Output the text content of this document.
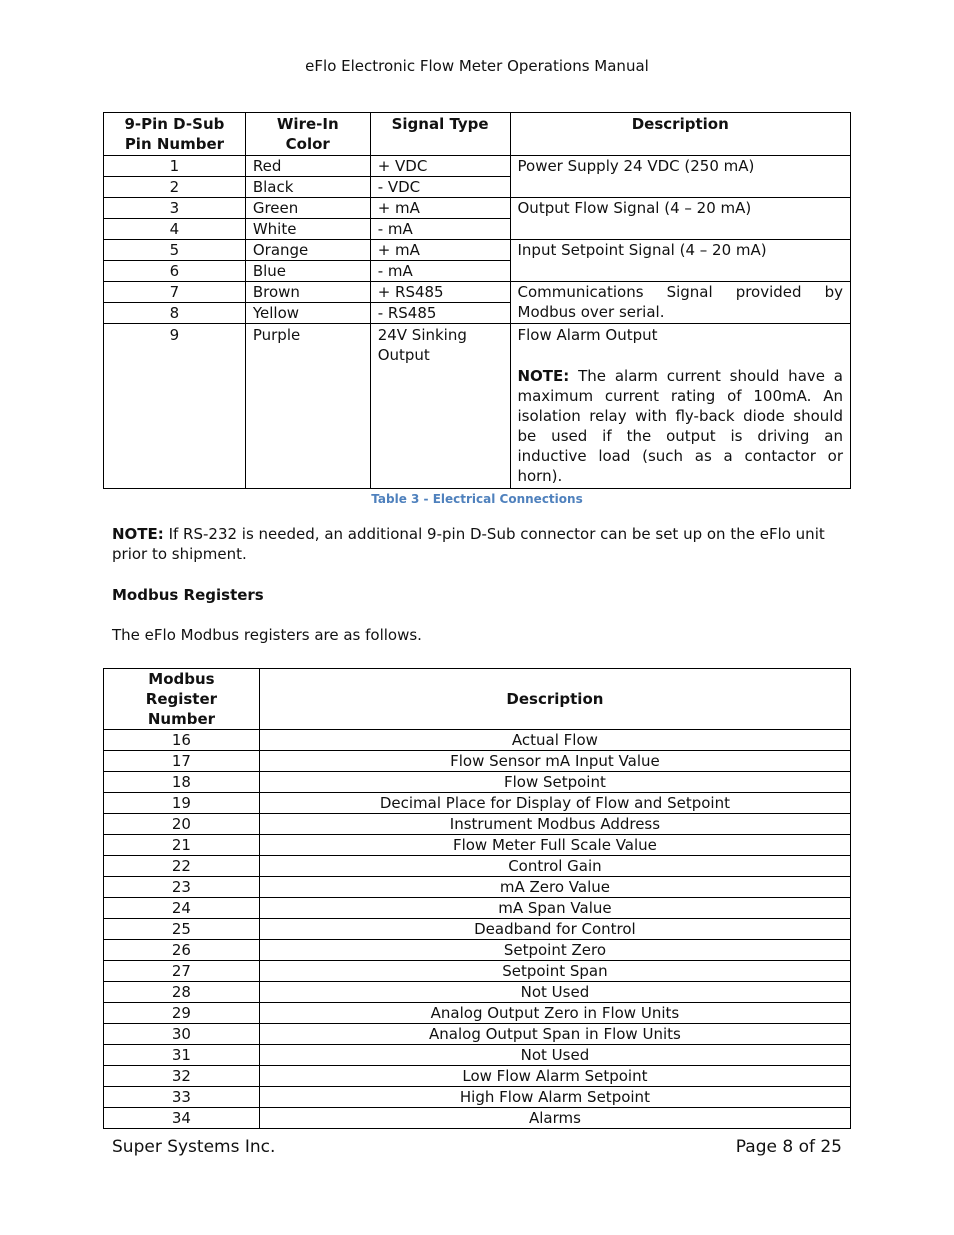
eFlo Electronic Flow Meter Operations Manual
9-Pin D-Sub Pin Number	Wire-In Color	Signal Type	Description
1	Red	+ VDC	Power Supply 24 VDC (250 mA)
2	Black	- VDC	
3	Green	+ mA	Output Flow Signal (4 – 20 mA)
4	White	- mA	
5	Orange	+ mA	Input Setpoint Signal (4 – 20 mA)
6	Blue	- mA	
7	Brown	+ RS485	Communications Signal provided by Modbus over serial.
8	Yellow	- RS485	
9	Purple	24V Sinking Output	Flow Alarm Output
NOTE: The alarm current should have a maximum current rating of 100mA. An isolation relay with fly-back diode should be used if the output is driving an inductive load (such as a contactor or horn).
Table 3 - Electrical Connections
NOTE: If RS-232 is needed, an additional 9-pin D-Sub connector can be set up on the eFlo unit prior to shipment.
Modbus Registers
The eFlo Modbus registers are as follows.
Modbus Register Number	Description
16	Actual Flow
17	Flow Sensor mA Input Value
18	Flow Setpoint
19	Decimal Place for Display of Flow and Setpoint
20	Instrument Modbus Address
21	Flow Meter Full Scale Value
22	Control Gain
23	mA Zero Value
24	mA Span Value
25	Deadband for Control
26	Setpoint Zero
27	Setpoint Span
28	Not Used
29	Analog Output Zero in Flow Units
30	Analog Output Span in Flow Units
31	Not Used
32	Low Flow Alarm Setpoint
33	High Flow Alarm Setpoint
34	Alarms
Super Systems Inc.	Page 8 of 25
